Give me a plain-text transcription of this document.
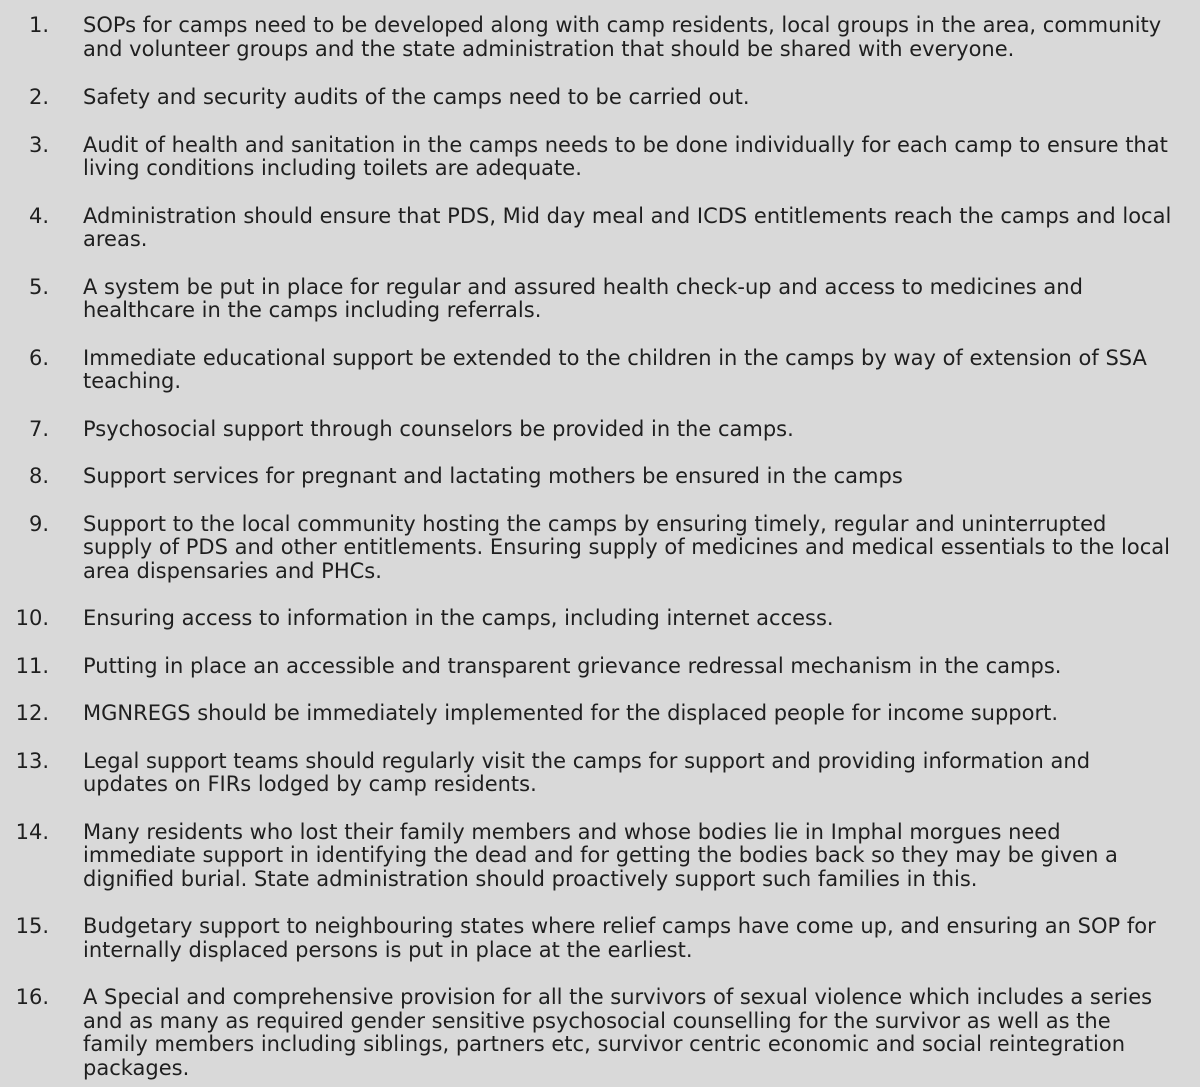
1.	SOPs for camps need to be developed along with camp residents, local groups in the area, community and volunteer groups and the state administration that should be shared with everyone.
2.	Safety and security audits of the camps need to be carried out.
3.	Audit of health and sanitation in the camps needs to be done individually for each camp to ensure that living conditions including toilets are adequate.
4.	Administration should ensure that PDS, Mid day meal and ICDS entitlements reach the camps and local areas.
5.	A system be put in place for regular and assured health check-up and access to medicines and healthcare in the camps including referrals.
6.	Immediate educational support be extended to the children in the camps by way of extension of SSA teaching.
7.	Psychosocial support through counselors be provided in the camps.
8.	Support services for pregnant and lactating mothers be ensured in the camps
9.	Support to the local community hosting the camps by ensuring timely, regular and uninterrupted supply of PDS and other entitlements. Ensuring supply of medicines and medical essentials to the local area dispensaries and PHCs.
10.	Ensuring access to information in the camps, including internet access.
11.	Putting in place an accessible and transparent grievance redressal mechanism in the camps.
12.	MGNREGS should be immediately implemented for the displaced people for income support.
13.	Legal support teams should regularly visit the camps for support and providing information and updates on FIRs lodged by camp residents.
14.	Many residents who lost their family members and whose bodies lie in Imphal morgues need immediate support in identifying the dead and for getting the bodies back so they may be given a dignified burial. State administration should proactively support such families in this.
15.	Budgetary support to neighbouring states where relief camps have come up, and ensuring an SOP for internally displaced persons is put in place at the earliest.
16.	A Special and comprehensive provision for all the survivors of sexual violence which includes a series and as many as required gender sensitive psychosocial counselling for the survivor as well as the family members including siblings, partners etc, survivor centric economic and social reintegration packages.
